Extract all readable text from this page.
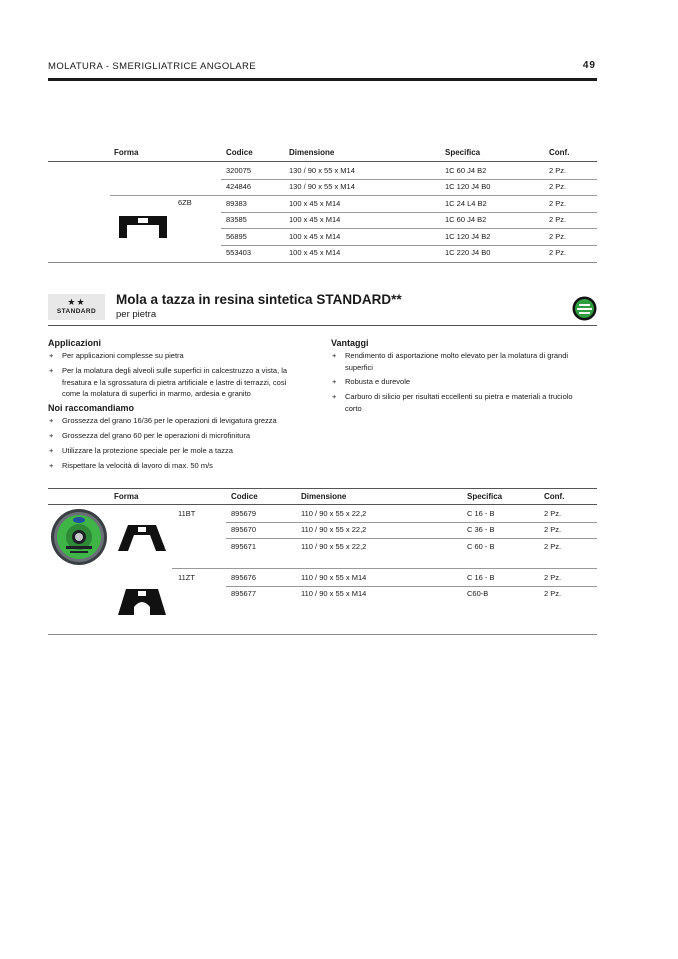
MOLATURA - SMERIGLIATRICE ANGOLARE	49
Forma	Codice	Dimensione	Specifica	Conf.
6ZB
320075	130 / 90 x 55 x M14	1C 60 J4 B2	2 Pz.
424846	130 / 90 x 55 x M14	1C 120 J4 B0	2 Pz.
89383	100 x 45 x M14	1C 24 L4 B2	2 Pz.
83585	100 x 45 x M14	1C 60 J4 B2	2 Pz.
56895	100 x 45 x M14	1C 120 J4 B2	2 Pz.
553403	100 x 45 x M14	1C 220 J4 B0	2 Pz.
★★
STANDARD
Mola a tazza in resina sintetica STANDARD**
per pietra
Applicazioni
+ Per applicazioni complesse su pietra
+ Per la molatura degli alveoli sulle superfici in calcestruzzo a vista, la
fresatura e la sgrossatura di pietra artificiale e lastre di terrazzi, così
come la molatura di superfici in marmo, ardesia e granito
Noi raccomandiamo
+ Grossezza del grano 16/36 per le operazioni di levigatura grezza
+ Grossezza del grano 60 per le operazioni di microfinitura
+ Utilizzare la protezione speciale per le mole a tazza
+ Rispettare la velocità di lavoro di max. 50 m/s
Vantaggi
+ Rendimento di asportazione molto elevato per la molatura di grandi
superfici
+ Robusta e durevole
+ Carburo di silicio per risultati eccellenti su pietra e materiali a truciolo
corto
Forma	Codice	Dimensione	Specifica	Conf.
11BT
11ZT
895679	110 / 90 x 55 x 22,2	C 16 - B	2 Pz.
895670	110 / 90 x 55 x 22,2	C 36 - B	2 Pz.
895671	110 / 90 x 55 x 22,2	C 60 - B	2 Pz.
895676	110 / 90 x 55 x M14	C 16 - B	2 Pz.
895677	110 / 90 x 55 x M14	C60-B	2 Pz.
